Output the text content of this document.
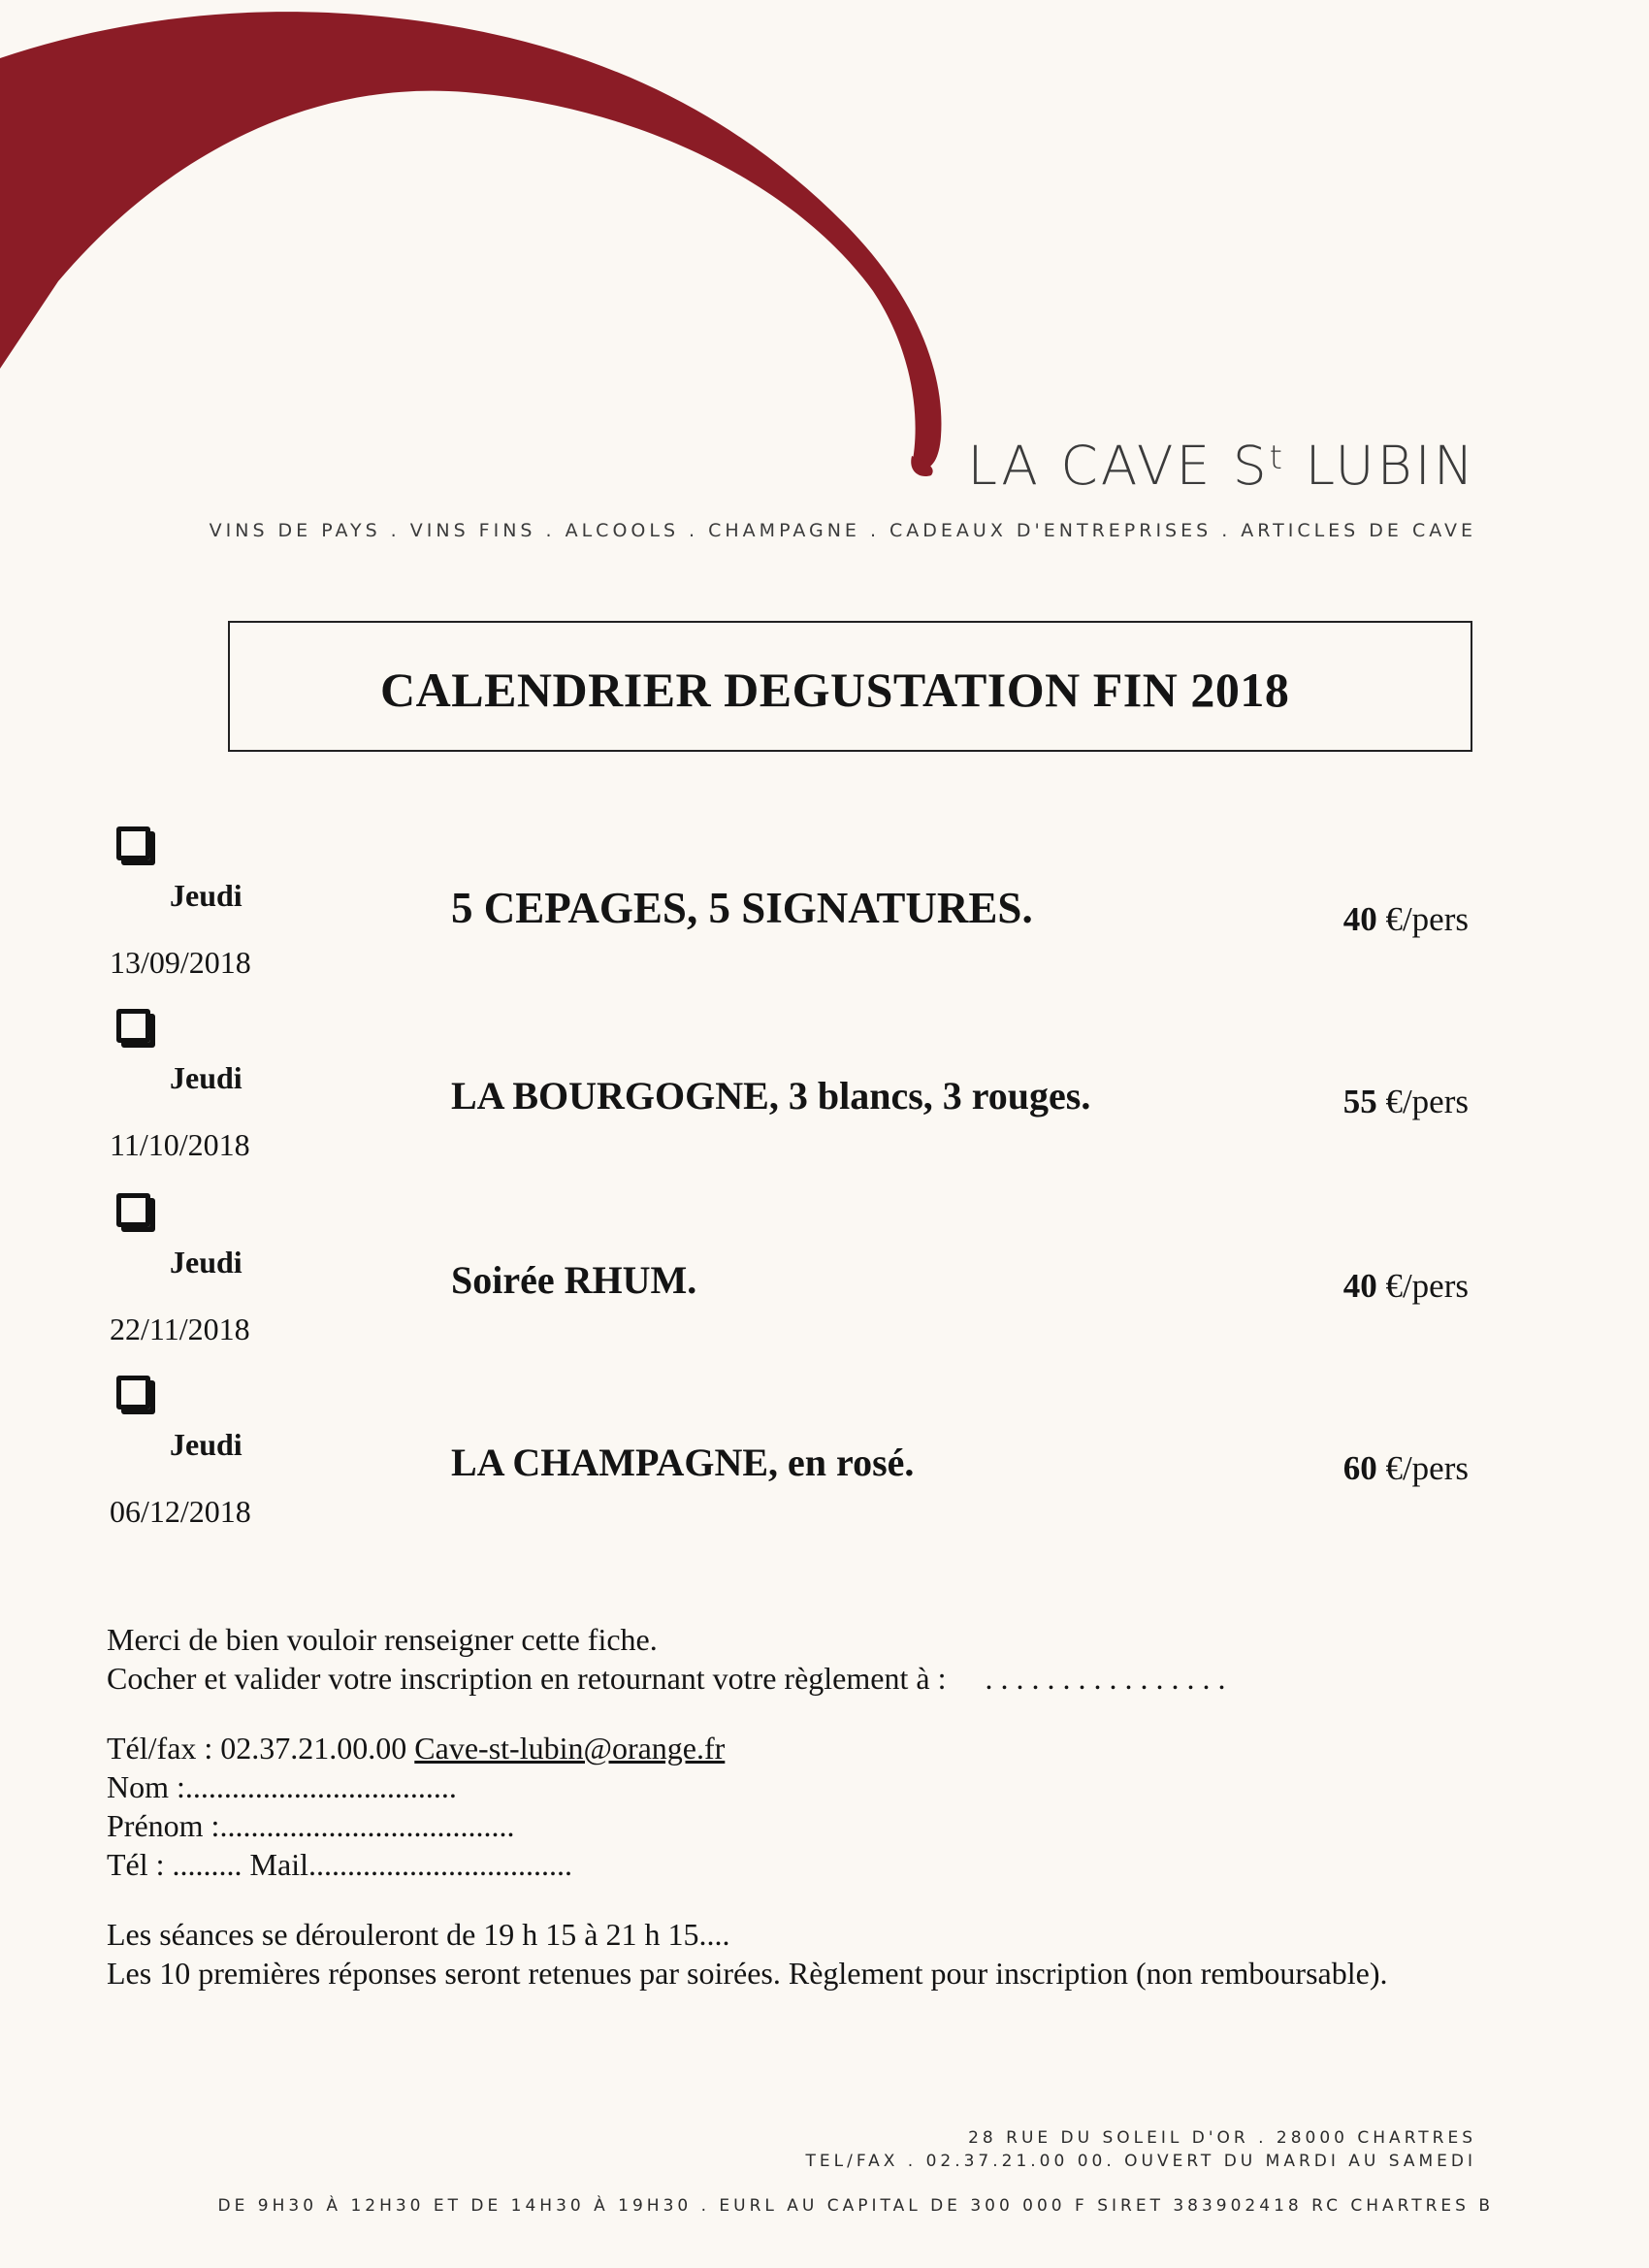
LA CAVE $S^t$ LUBIN
VINS DE PAYS . VINS FINS . ALCOOLS . CHAMPAGNE . CADEAUX D'ENTREPRISES . ARTICLES DE CAVE
CALENDRIER DEGUSTATION FIN 2018
Jeudi
13/09/2018
5 CEPAGES, 5 SIGNATURES.	40 €/pers
Jeudi
11/10/2018
LA BOURGOGNE, 3 blancs, 3 rouges.	55 €/pers
Jeudi
22/11/2018
Soirée RHUM.	40 €/pers
Jeudi
06/12/2018
LA CHAMPAGNE, en rosé.	60 €/pers
Merci de bien vouloir renseigner cette fiche.
Cocher et valider votre inscription en retournant votre règlement à : . . . . . . . . . . . . . . . .
Tél/fax : 02.37.21.00.00 Cave-st-lubin@orange.fr
Nom :...................................
Prénom :......................................
Tél : ......... Mail..................................
Les séances se dérouleront de 19 h 15 à 21 h 15....
Les 10 premières réponses seront retenues par soirées. Règlement pour inscription (non remboursable).
28 RUE DU SOLEIL D'OR . 28000 CHARTRES
TEL/FAX . 02.37.21.00 00. OUVERT DU MARDI AU SAMEDI
DE 9H30 À 12H30 ET DE 14H30 À 19H30 . EURL AU CAPITAL DE 300 000 F SIRET 383902418 RC CHARTRES B
